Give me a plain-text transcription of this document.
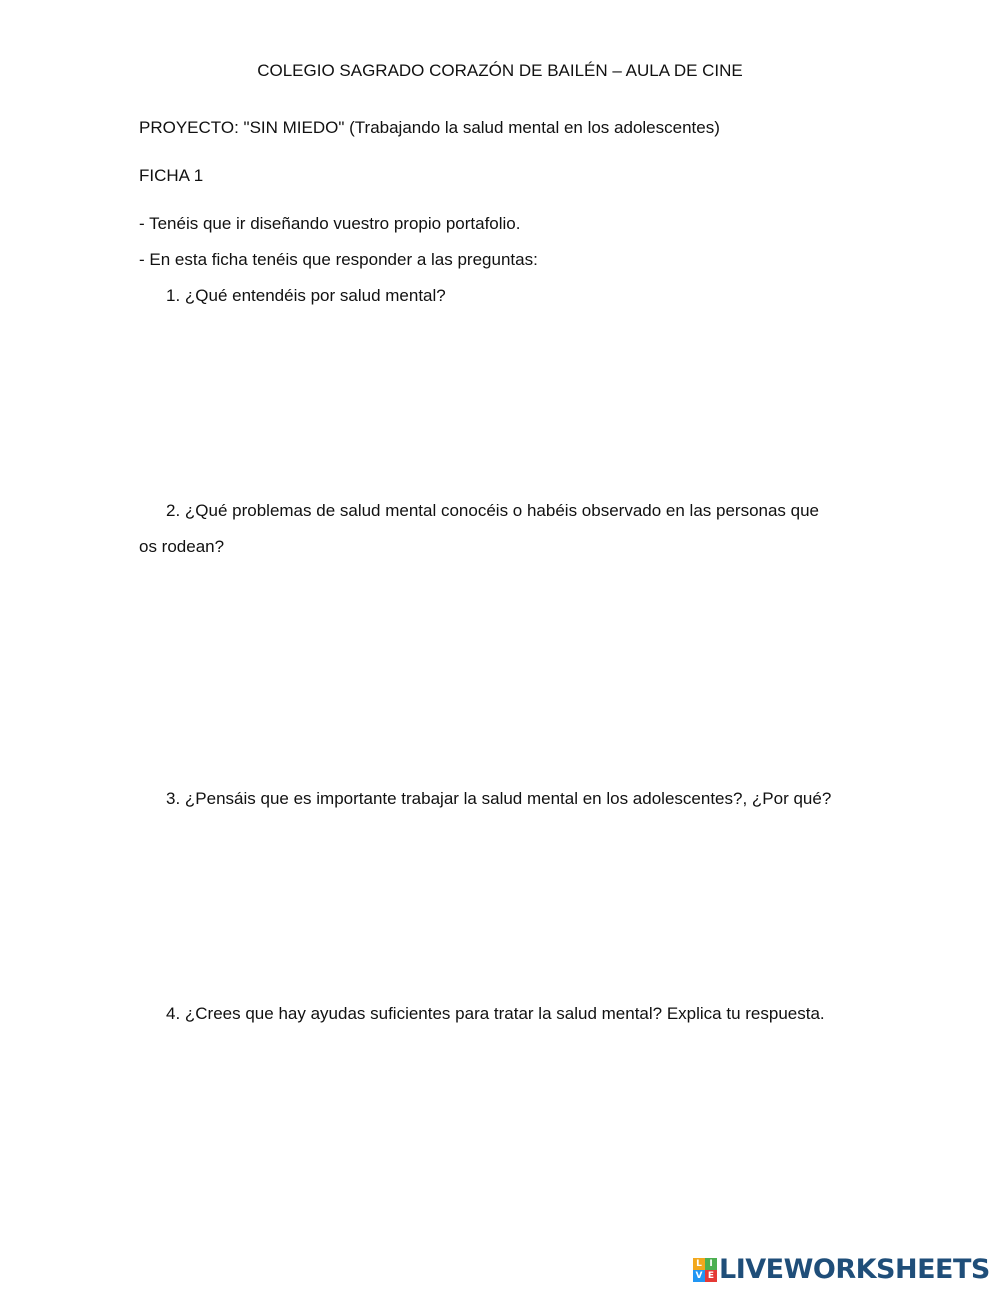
COLEGIO SAGRADO CORAZÓN DE BAILÉN – AULA DE CINE
PROYECTO: "SIN MIEDO" (Trabajando la salud mental en los adolescentes)
FICHA 1
- Tenéis que ir diseñando vuestro propio portafolio.
- En esta ficha tenéis que responder a las preguntas:
1. ¿Qué entendéis por salud mental?
2. ¿Qué problemas de salud mental conocéis o habéis observado en las personas que
os rodean?
3. ¿Pensáis que es importante trabajar la salud mental en los adolescentes?, ¿Por qué?
4. ¿Crees que hay ayudas suficientes para tratar la salud mental? Explica tu respuesta.
L I
V E LIVEWORKSHEETS
